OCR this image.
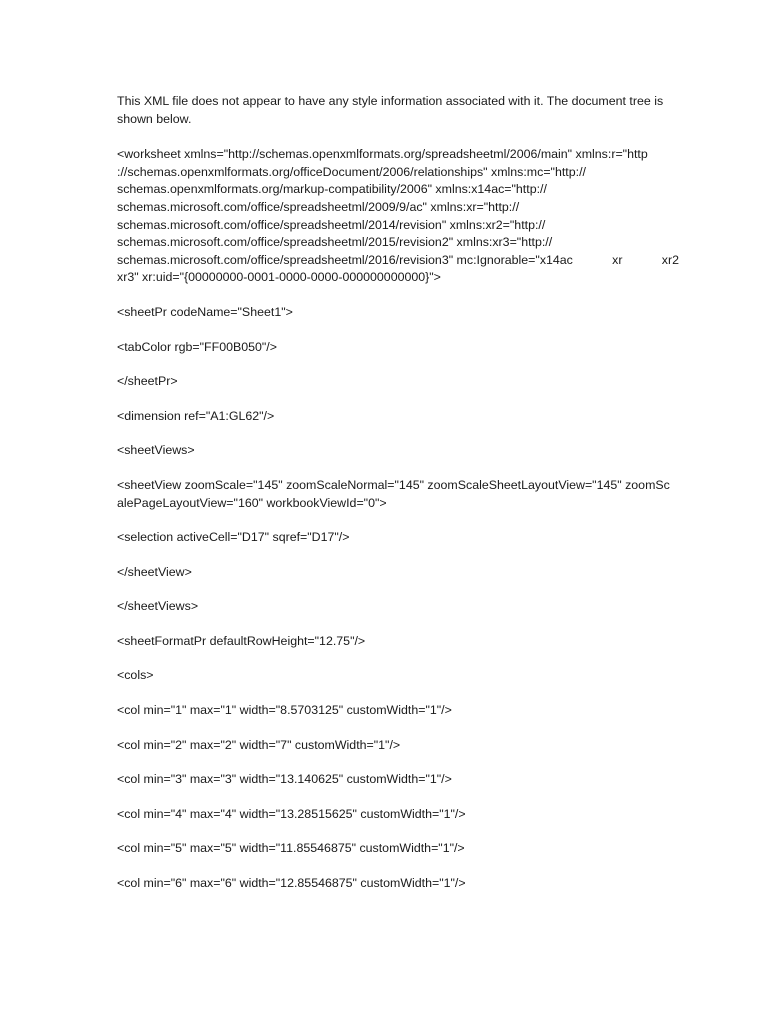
This XML file does not appear to have any style information associated with it. The document tree is shown below.

<worksheet xmlns="http://schemas.openxmlformats.org/spreadsheetml/2006/main" xmlns:r="http
://schemas.openxmlformats.org/officeDocument/2006/relationships" xmlns:mc="http://
schemas.openxmlformats.org/markup-compatibility/2006" xmlns:x14ac="http://
schemas.microsoft.com/office/spreadsheetml/2009/9/ac" xmlns:xr="http://
schemas.microsoft.com/office/spreadsheetml/2014/revision" xmlns:xr2="http://
schemas.microsoft.com/office/spreadsheetml/2015/revision2" xmlns:xr3="http://
schemas.microsoft.com/office/spreadsheetml/2016/revision3" mc:Ignorable="x14ac	xr	xr2
xr3" xr:uid="{00000000-0001-0000-0000-000000000000}">

<sheetPr codeName="Sheet1">

<tabColor rgb="FF00B050"/>

</sheetPr>

<dimension ref="A1:GL62"/>

<sheetViews>

<sheetView zoomScale="145" zoomScaleNormal="145" zoomScaleSheetLayoutView="145" zoomSc
alePageLayoutView="160" workbookViewId="0">

<selection activeCell="D17" sqref="D17"/>

</sheetView>

</sheetViews>

<sheetFormatPr defaultRowHeight="12.75"/>

<cols>

<col min="1" max="1" width="8.5703125" customWidth="1"/>

<col min="2" max="2" width="7" customWidth="1"/>

<col min="3" max="3" width="13.140625" customWidth="1"/>

<col min="4" max="4" width="13.28515625" customWidth="1"/>

<col min="5" max="5" width="11.85546875" customWidth="1"/>

<col min="6" max="6" width="12.85546875" customWidth="1"/>
